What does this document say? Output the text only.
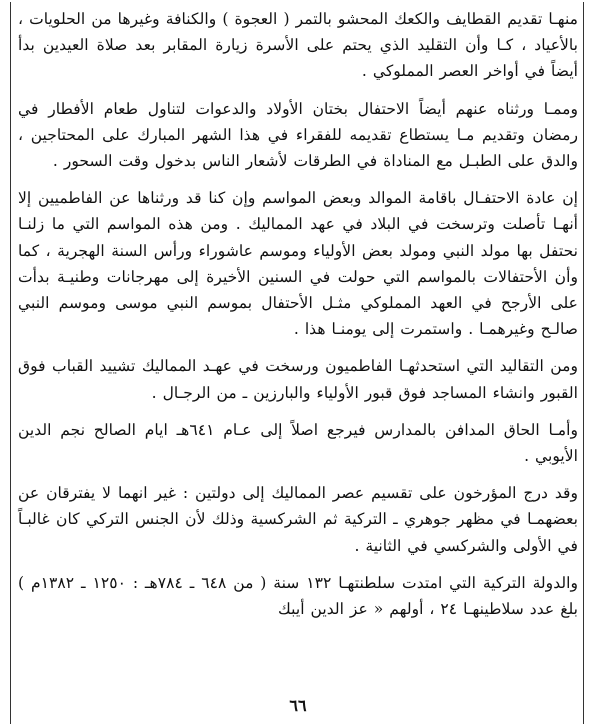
منهـا تقديم القطايف والكعك المحشو بالتمر ( العجوة ) والكنافة وغيرها من الحلويات ، بالأعياد ، كـا وأن التقليد الذي يحتم على الأسرة زيارة المقابر بعد صلاة العيدين بدأ أيضاً في أواخر العصر المملوكي .

وممـا ورثناه عنهم أيضاً الاحتفال بختان الأولاد والدعوات لتناول طعام الأفطار في رمضان وتقديم مـا يستطاع تقديمه للفقراء في هذا الشهر المبارك على المحتاجين ، والدق على الطبـل مع المناداة في الطرقات لأشعار الناس بدخول وقت السحور .

إن عادة الاحتفـال باقامة الموالد وبعض المواسم وإن كنا قد ورثناها عن الفاطميين إلا أنهـا تأصلت وترسخت في البلاد في عهد المماليك . ومن هذه المواسم التي ما زلنـا نحتفل بها مولد النبي ومولد بعض الأولياء وموسم عاشوراء ورأس السنة الهجرية ، كما وأن الأحتفالات بالمواسم التي حولت في السنين الأخيرة إلى مهرجانات وطنيـة بدأت على الأرجح في العهد المملوكي مثـل الأحتفال بموسم النبي موسى وموسم النبي صالـح وغيرهمـا . واستمرت إلى يومنـا هذا .

ومن التقاليد التي استحدثهـا الفاطميون ورسخت في عهـد المماليك تشييد القباب فوق القبور وانشاء المساجد فوق قبور الأولياء والبارزين ـ من الرجـال .

وأمـا الحاق المدافن بالمدارس فيرجع اصلاً إلى عـام ٦٤١هـ ايام الصالح نجم الدين الأيوبي .

وقد درج المؤرخون على تقسيم عصر المماليك إلى دولتين : غير انهما لا يفترقان عن بعضهمـا في مظهر جوهري ـ التركية ثم الشركسية وذلك لأن الجنس التركي كان غالبـاً في الأولى والشركسي في الثانية .

والدولة التركية التي امتدت سلطنتهـا ١٣٢ سنة ( من ٦٤٨ ـ ٧٨٤هـ : ١٢٥٠ ـ ١٣٨٢م ) بلغ عدد سلاطينهـا ٢٤ ، أولهم « عز الدين أيبك

٦٦
